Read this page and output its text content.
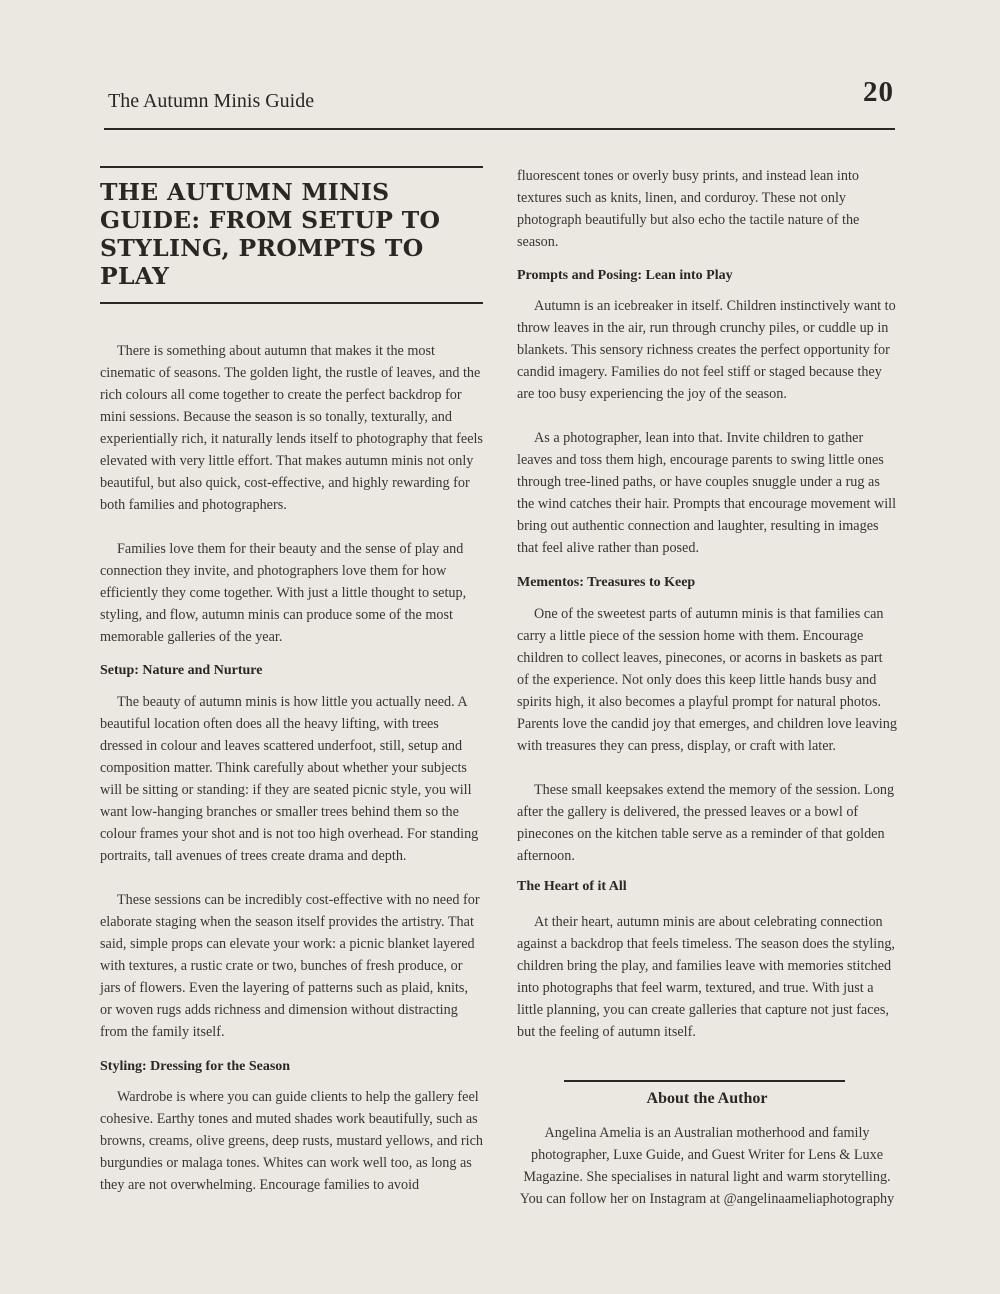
The Autumn Minis Guide	20
THE AUTUMN MINIS GUIDE: FROM SETUP TO STYLING, PROMPTS TO PLAY

There is something about autumn that makes it the most cinematic of seasons. The golden light, the rustle of leaves, and the rich colours all come together to create the perfect backdrop for mini sessions. Because the season is so tonally, texturally, and experientially rich, it naturally lends itself to photography that feels elevated with very little effort. That makes autumn minis not only beautiful, but also quick, cost-effective, and highly rewarding for both families and photographers.

Families love them for their beauty and the sense of play and connection they invite, and photographers love them for how efficiently they come together. With just a little thought to setup, styling, and flow, autumn minis can produce some of the most memorable galleries of the year.

Setup: Nature and Nurture

The beauty of autumn minis is how little you actually need. A beautiful location often does all the heavy lifting, with trees dressed in colour and leaves scattered underfoot, still, setup and composition matter. Think carefully about whether your subjects will be sitting or standing: if they are seated picnic style, you will want low-hanging branches or smaller trees behind them so the colour frames your shot and is not too high overhead. For standing portraits, tall avenues of trees create drama and depth.

These sessions can be incredibly cost-effective with no need for elaborate staging when the season itself provides the artistry. That said, simple props can elevate your work: a picnic blanket layered with textures, a rustic crate or two, bunches of fresh produce, or jars of flowers. Even the layering of patterns such as plaid, knits, or woven rugs adds richness and dimension without distracting from the family itself.

Styling: Dressing for the Season

Wardrobe is where you can guide clients to help the gallery feel cohesive. Earthy tones and muted shades work beautifully, such as browns, creams, olive greens, deep rusts, mustard yellows, and rich burgundies or malaga tones. Whites can work well too, as long as they are not overwhelming. Encourage families to avoid

fluorescent tones or overly busy prints, and instead lean into textures such as knits, linen, and corduroy. These not only photograph beautifully but also echo the tactile nature of the season.

Prompts and Posing: Lean into Play

Autumn is an icebreaker in itself. Children instinctively want to throw leaves in the air, run through crunchy piles, or cuddle up in blankets. This sensory richness creates the perfect opportunity for candid imagery. Families do not feel stiff or staged because they are too busy experiencing the joy of the season.

As a photographer, lean into that. Invite children to gather leaves and toss them high, encourage parents to swing little ones through tree-lined paths, or have couples snuggle under a rug as the wind catches their hair. Prompts that encourage movement will bring out authentic connection and laughter, resulting in images that feel alive rather than posed.

Mementos: Treasures to Keep

One of the sweetest parts of autumn minis is that families can carry a little piece of the session home with them. Encourage children to collect leaves, pinecones, or acorns in baskets as part of the experience. Not only does this keep little hands busy and spirits high, it also becomes a playful prompt for natural photos. Parents love the candid joy that emerges, and children love leaving with treasures they can press, display, or craft with later.

These small keepsakes extend the memory of the session. Long after the gallery is delivered, the pressed leaves or a bowl of pinecones on the kitchen table serve as a reminder of that golden afternoon.

The Heart of it All

At their heart, autumn minis are about celebrating connection against a backdrop that feels timeless. The season does the styling, children bring the play, and families leave with memories stitched into photographs that feel warm, textured, and true. With just a little planning, you can create galleries that capture not just faces, but the feeling of autumn itself.

About the Author

Angelina Amelia is an Australian motherhood and family photographer, Luxe Guide, and Guest Writer for Lens & Luxe Magazine. She specialises in natural light and warm storytelling. You can follow her on Instagram at @angelinaameliaphotography
